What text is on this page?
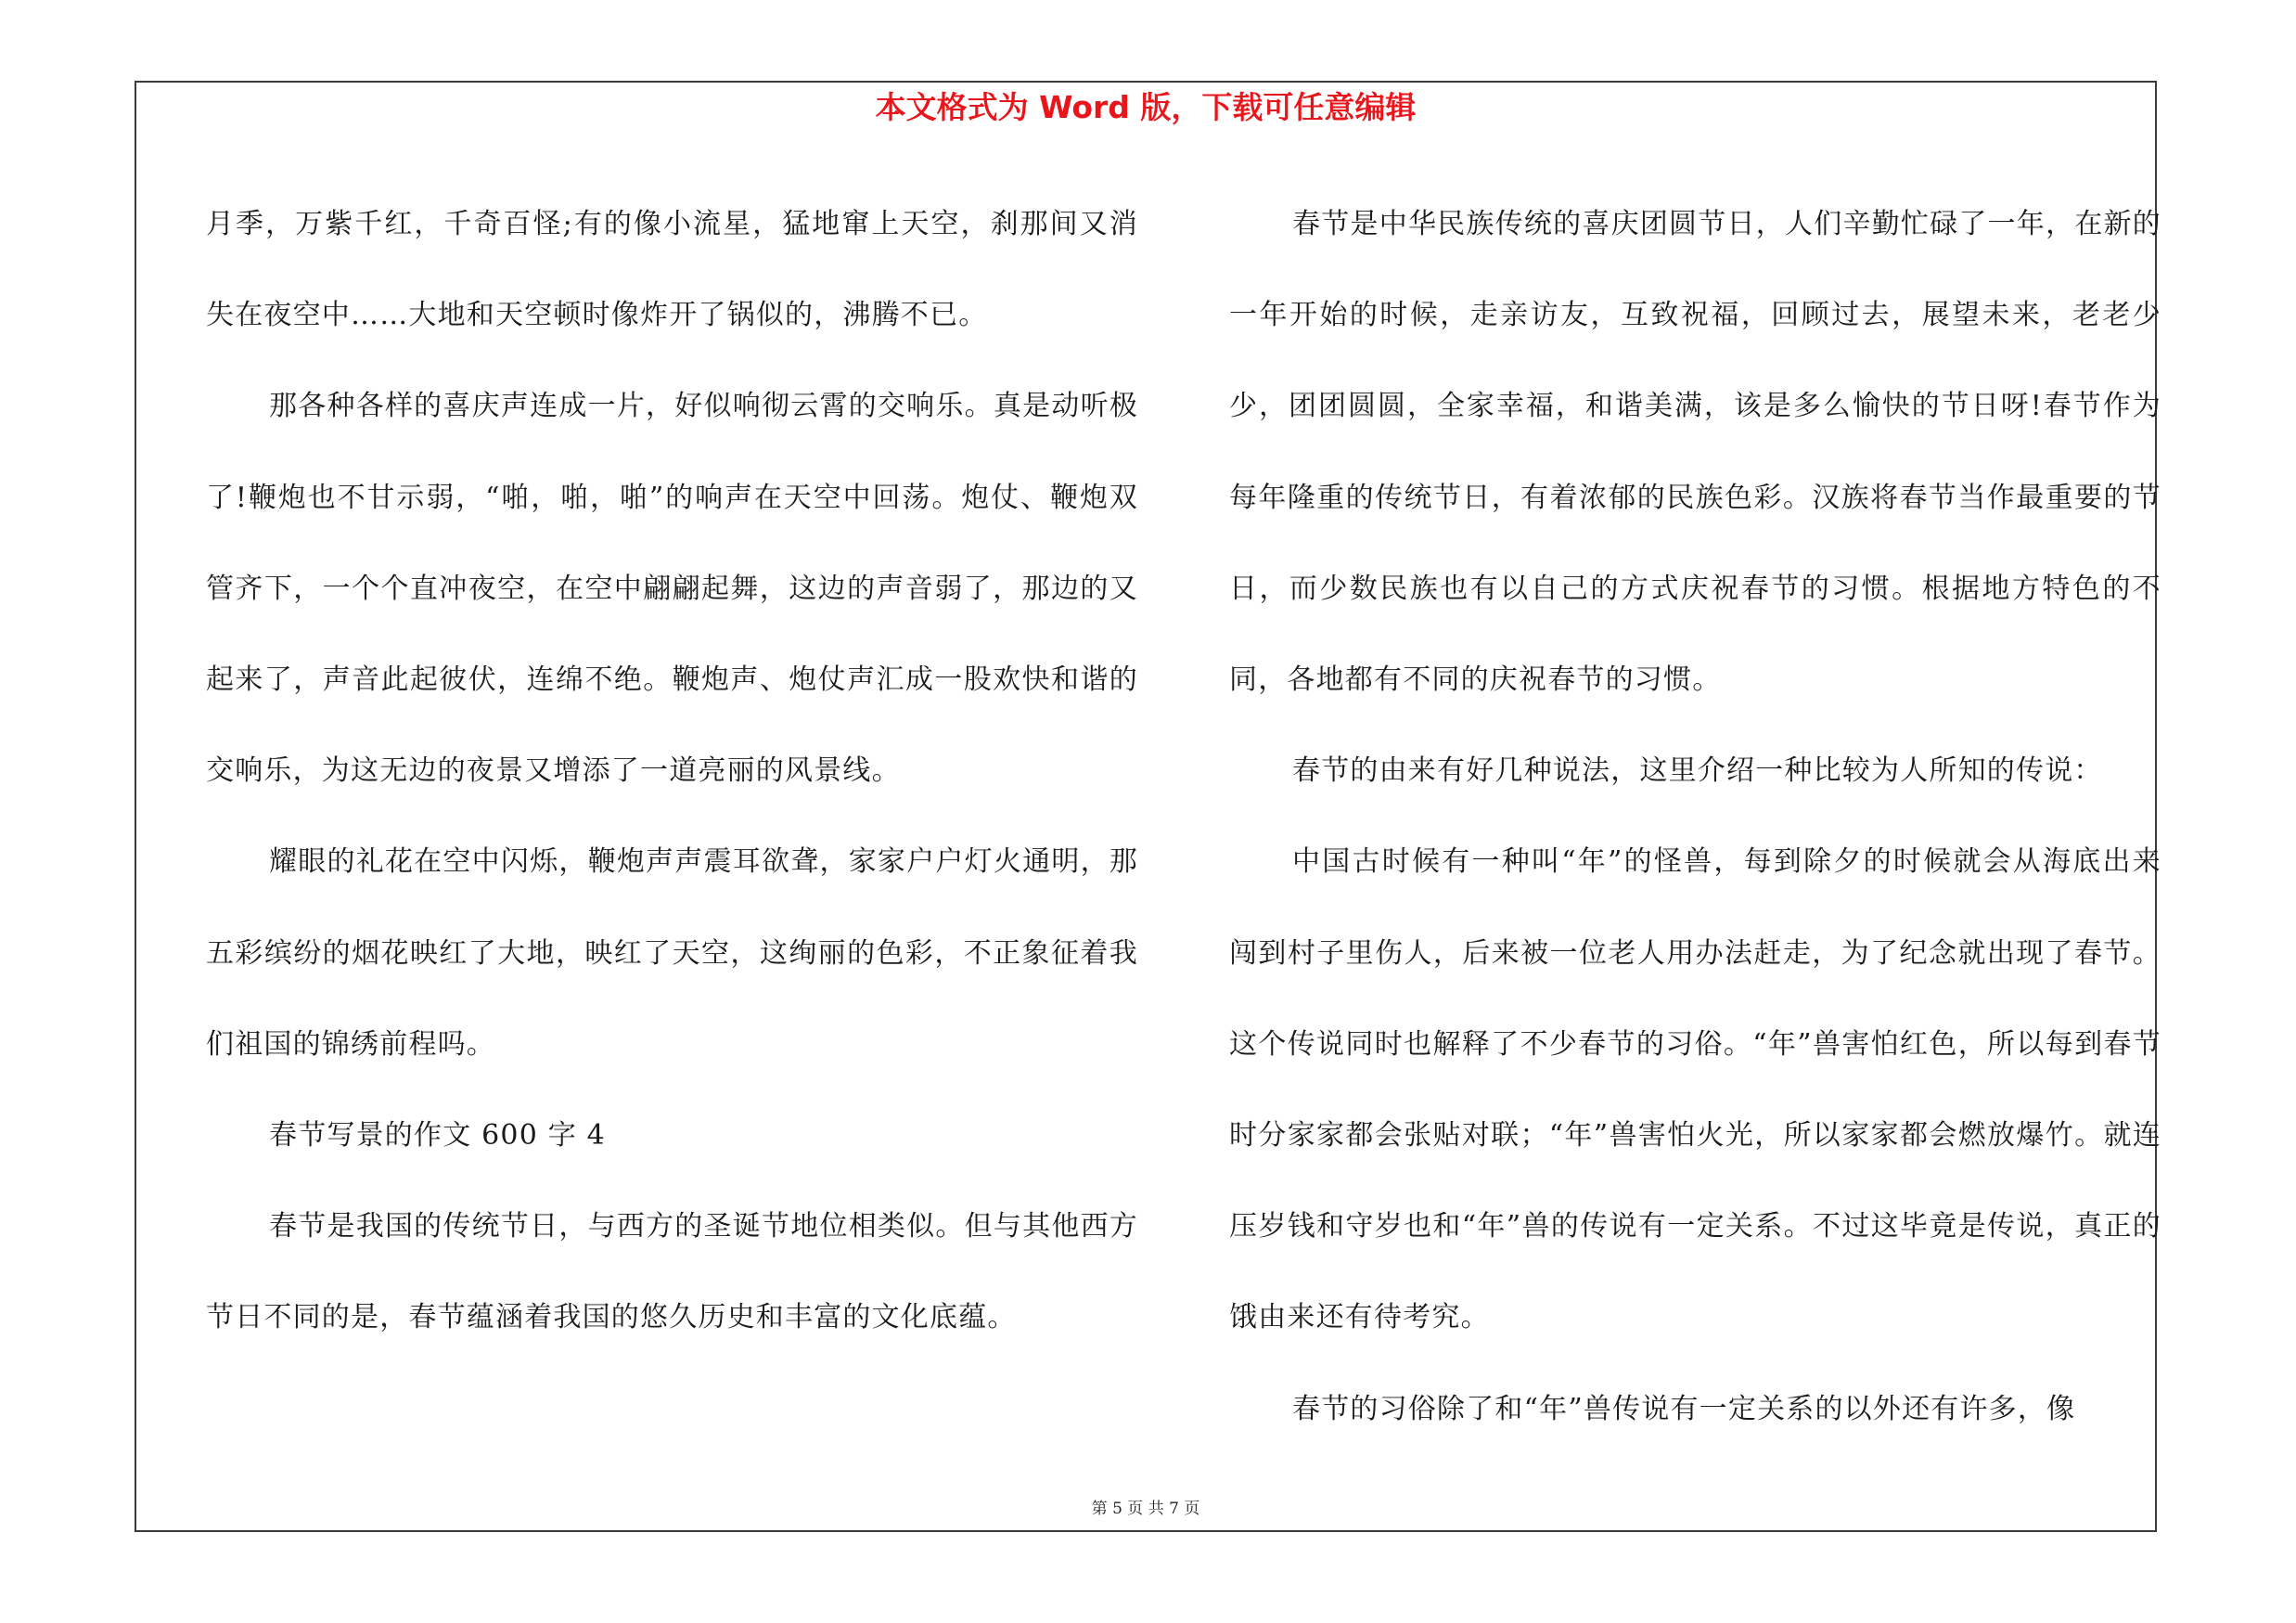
本文格式为 Word 版，下载可任意编辑

月季，万紫千红，千奇百怪;有的像小流星，猛地窜上天空，刹那间又消失在夜空中……大地和天空顿时像炸开了锅似的，沸腾不已。

那各种各样的喜庆声连成一片，好似响彻云霄的交响乐。真是动听极了!鞭炮也不甘示弱，“啪，啪，啪”的响声在天空中回荡。炮仗、鞭炮双管齐下，一个个直冲夜空，在空中翩翩起舞，这边的声音弱了，那边的又起来了，声音此起彼伏，连绵不绝。鞭炮声、炮仗声汇成一股欢快和谐的交响乐，为这无边的夜景又增添了一道亮丽的风景线。

耀眼的礼花在空中闪烁，鞭炮声声震耳欲聋，家家户户灯火通明，那五彩缤纷的烟花映红了大地，映红了天空，这绚丽的色彩，不正象征着我们祖国的锦绣前程吗。

春节写景的作文 600 字 4

春节是我国的传统节日，与西方的圣诞节地位相类似。但与其他西方节日不同的是，春节蕴涵着我国的悠久历史和丰富的文化底蕴。

春节是中华民族传统的喜庆团圆节日，人们辛勤忙碌了一年，在新的一年开始的时候，走亲访友，互致祝福，回顾过去，展望未来，老老少少，团团圆圆，全家幸福，和谐美满，该是多么愉快的节日呀!春节作为每年隆重的传统节日，有着浓郁的民族色彩。汉族将春节当作最重要的节日，而少数民族也有以自己的方式庆祝春节的习惯。根据地方特色的不同，各地都有不同的庆祝春节的习惯。

春节的由来有好几种说法，这里介绍一种比较为人所知的传说：

中国古时候有一种叫“年”的怪兽，每到除夕的时候就会从海底出来闯到村子里伤人，后来被一位老人用办法赶走，为了纪念就出现了春节。这个传说同时也解释了不少春节的习俗。“年”兽害怕红色，所以每到春节时分家家都会张贴对联；“年”兽害怕火光，所以家家都会燃放爆竹。就连压岁钱和守岁也和“年”兽的传说有一定关系。不过这毕竟是传说，真正的饿由来还有待考究。

春节的习俗除了和“年”兽传说有一定关系的以外还有许多，像

第 5 页 共 7 页
